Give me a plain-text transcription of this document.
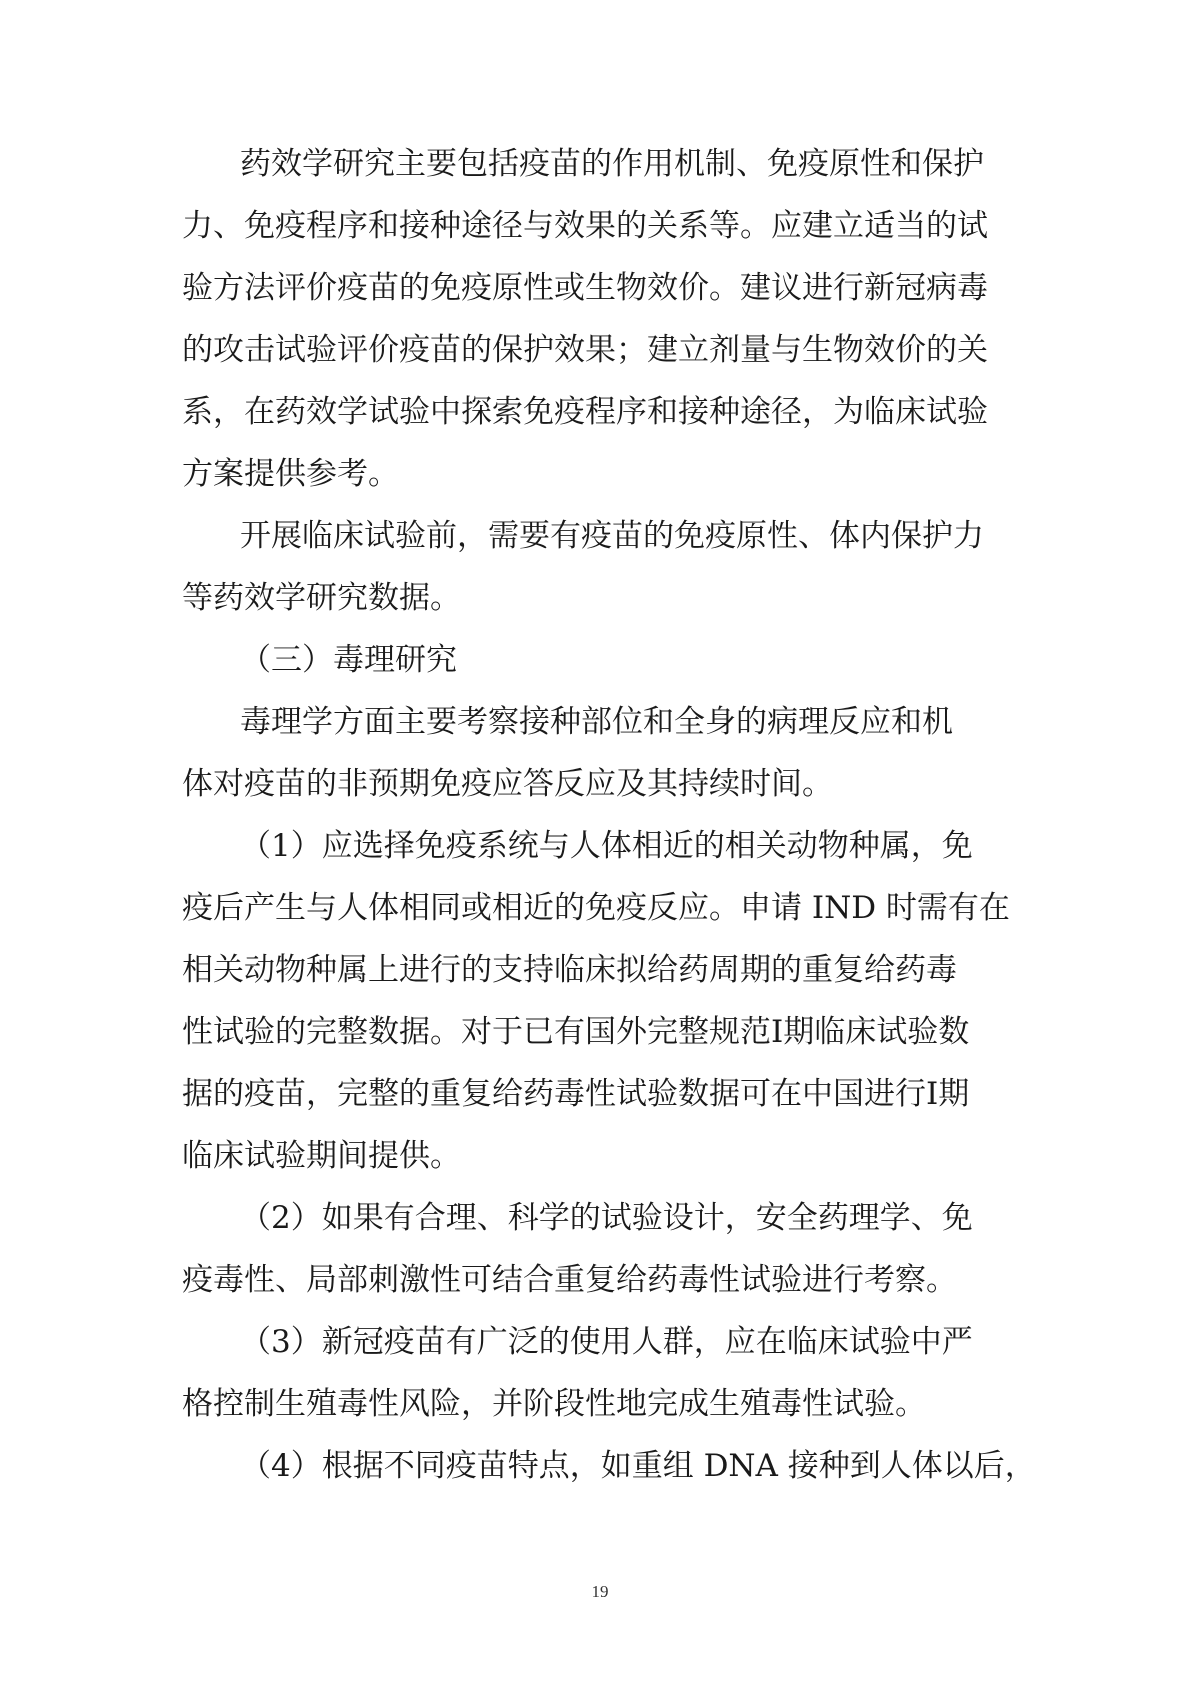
药效学研究主要包括疫苗的作用机制、免疫原性和保护
力、免疫程序和接种途径与效果的关系等。应建立适当的试
验方法评价疫苗的免疫原性或生物效价。建议进行新冠病毒
的攻击试验评价疫苗的保护效果；建立剂量与生物效价的关
系，在药效学试验中探索免疫程序和接种途径，为临床试验
方案提供参考。
开展临床试验前，需要有疫苗的免疫原性、体内保护力
等药效学研究数据。
（三）毒理研究
毒理学方面主要考察接种部位和全身的病理反应和机
体对疫苗的非预期免疫应答反应及其持续时间。
（1）应选择免疫系统与人体相近的相关动物种属，免
疫后产生与人体相同或相近的免疫反应。申请 IND 时需有在
相关动物种属上进行的支持临床拟给药周期的重复给药毒
性试验的完整数据。对于已有国外完整规范Ⅰ期临床试验数
据的疫苗，完整的重复给药毒性试验数据可在中国进行Ⅰ期
临床试验期间提供。
（2）如果有合理、科学的试验设计，安全药理学、免
疫毒性、局部刺激性可结合重复给药毒性试验进行考察。
（3）新冠疫苗有广泛的使用人群，应在临床试验中严
格控制生殖毒性风险，并阶段性地完成生殖毒性试验。
（4）根据不同疫苗特点，如重组 DNA 接种到人体以后，
19
